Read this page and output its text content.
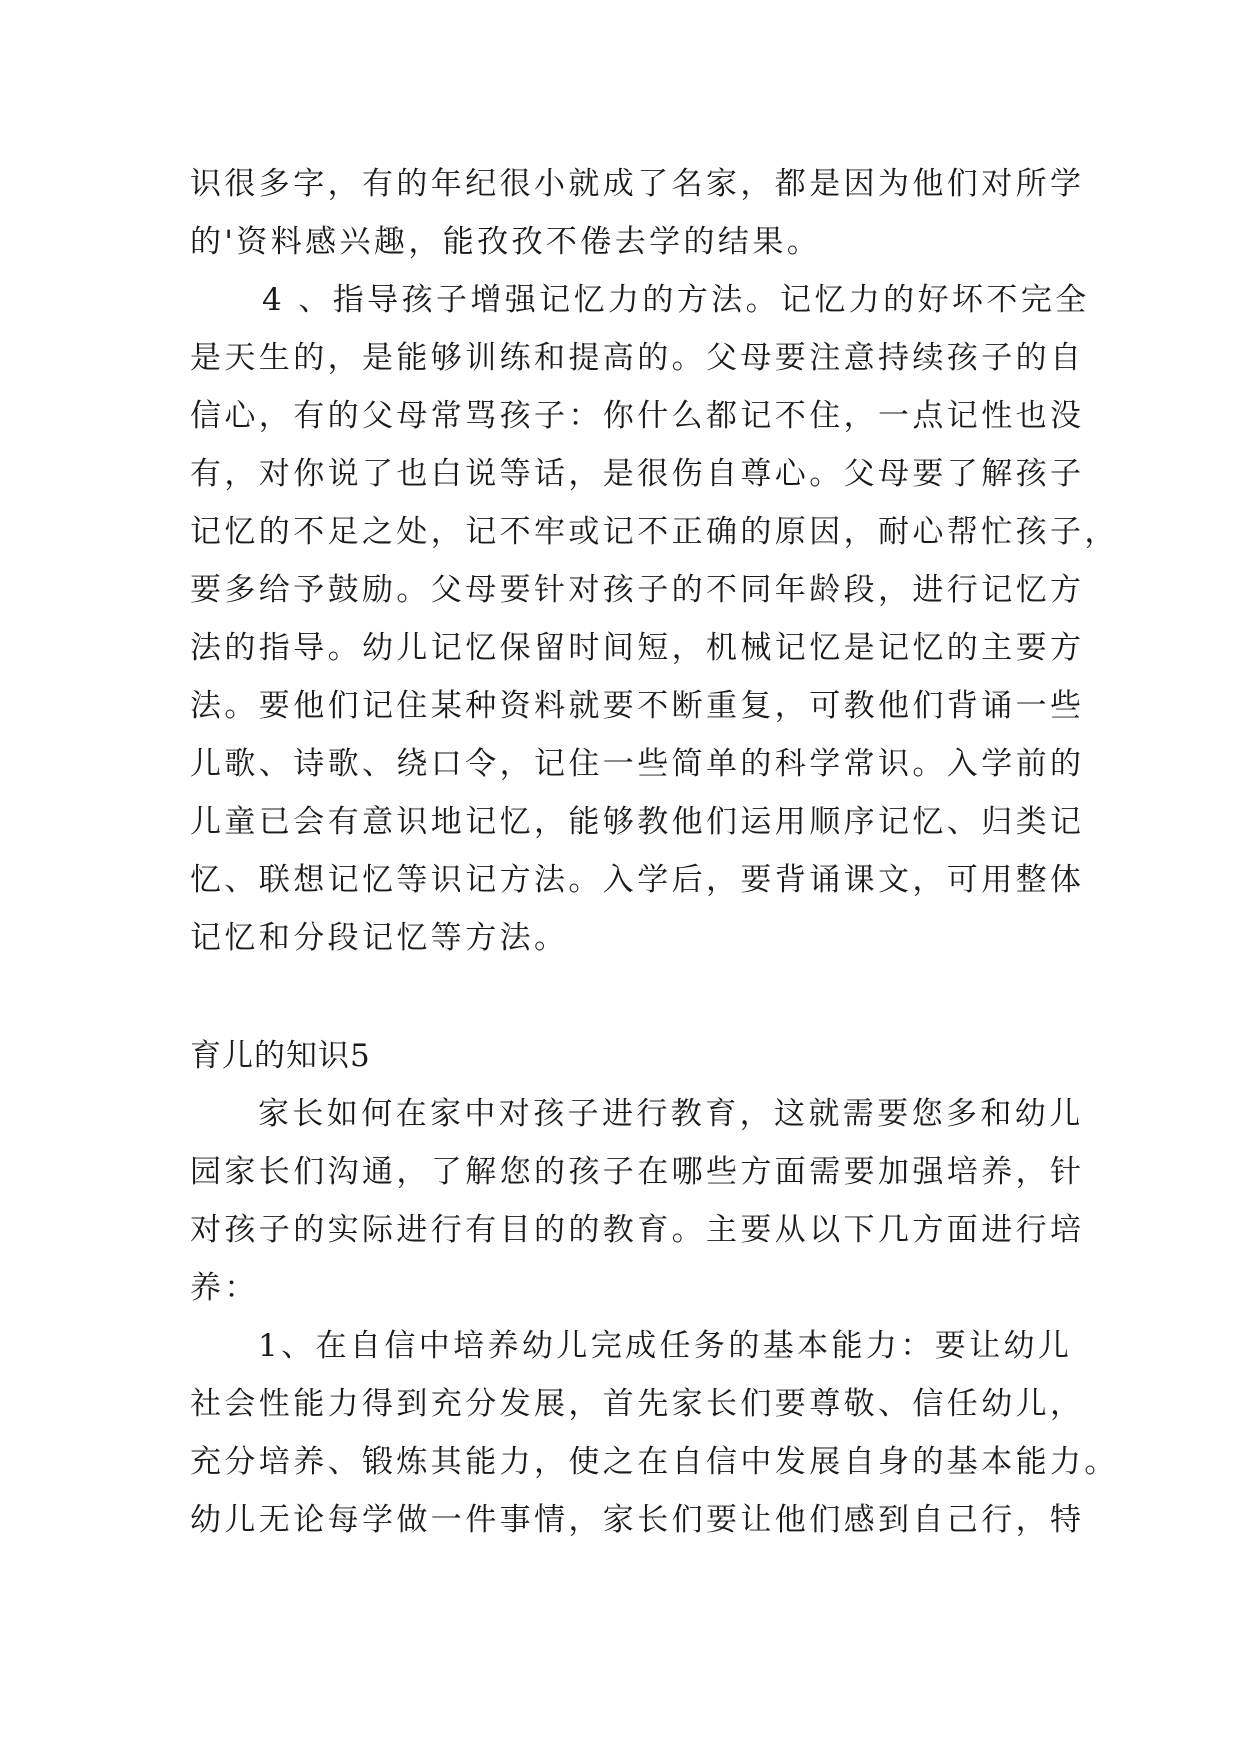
识很多字，有的年纪很小就成了名家，都是因为他们对所学
的'资料感兴趣，能孜孜不倦去学的结果。
4 、指导孩子增强记忆力的方法。记忆力的好坏不完全
是天生的，是能够训练和提高的。父母要注意持续孩子的自
信心，有的父母常骂孩子：你什么都记不住，一点记性也没
有，对你说了也白说等话，是很伤自尊心。父母要了解孩子
记忆的不足之处，记不牢或记不正确的原因，耐心帮忙孩子，
要多给予鼓励。父母要针对孩子的不同年龄段，进行记忆方
法的指导。幼儿记忆保留时间短，机械记忆是记忆的主要方
法。要他们记住某种资料就要不断重复，可教他们背诵一些
儿歌、诗歌、绕口令，记住一些简单的科学常识。入学前的
儿童已会有意识地记忆，能够教他们运用顺序记忆、归类记
忆、联想记忆等识记方法。入学后，要背诵课文，可用整体
记忆和分段记忆等方法。
育儿的知识5
家长如何在家中对孩子进行教育，这就需要您多和幼儿
园家长们沟通，了解您的孩子在哪些方面需要加强培养，针
对孩子的实际进行有目的的教育。主要从以下几方面进行培
养：
1、在自信中培养幼儿完成任务的基本能力：要让幼儿
社会性能力得到充分发展，首先家长们要尊敬、信任幼儿，
充分培养、锻炼其能力，使之在自信中发展自身的基本能力。
幼儿无论每学做一件事情，家长们要让他们感到自己行，特
